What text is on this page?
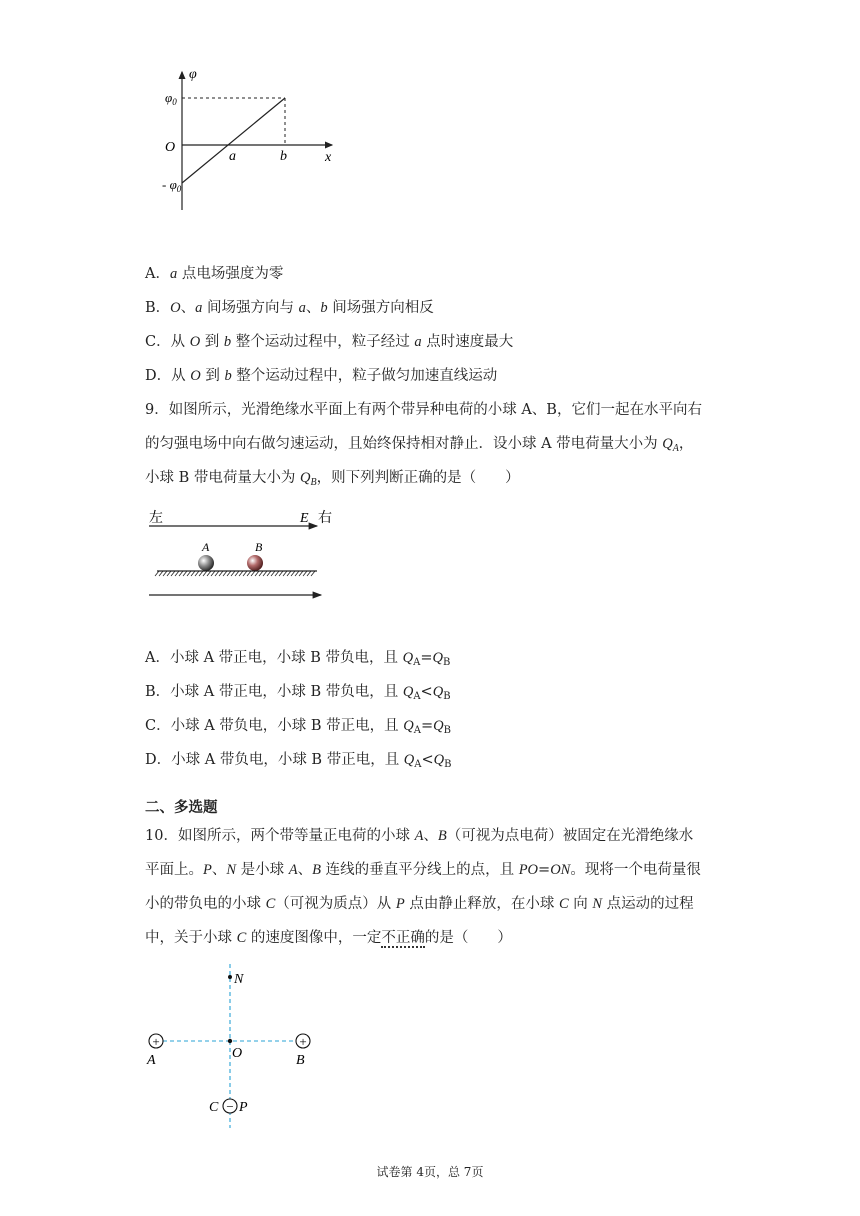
φ
x
$\varphi_0$
- $\varphi_0$
O
a	b
A．a 点电场强度为零
B．O、a 间场强方向与 a、b 间场强方向相反
C．从 O 到 b 整个运动过程中，粒子经过 a 点时速度最大
D．从 O 到 b 整个运动过程中，粒子做匀加速直线运动
9．如图所示，光滑绝缘水平面上有两个带异种电荷的小球 A、B，它们一起在水平向右
的匀强电场中向右做匀速运动，且始终保持相对静止．设小球 A 带电荷量大小为 $Q_A$，
小球 B 带电荷量大小为 $Q_B$，则下列判断正确的是（　　）
左	E 右
A	B
A．小球 A 带正电，小球 B 带负电，且 $Q_A=Q_B$
B．小球 A 带正电，小球 B 带负电，且 $Q_A<Q_B$
C．小球 A 带负电，小球 B 带正电，且 $Q_A=Q_B$
D．小球 A 带负电，小球 B 带正电，且 $Q_A<Q_B$
二、多选题
10．如图所示，两个带等量正电荷的小球 A、B（可视为点电荷）被固定在光滑绝缘水
平面上。P、N 是小球 A、B 连线的垂直平分线上的点，且 PO=ON。现将一个电荷量很
小的带负电的小球 C（可视为质点）从 P 点由静止释放，在小球 C 向 N 点运动的过程
中，关于小球 C 的速度图像中，一定不正确的是（　　）
N
O
+
A
+
B
−
C P
试卷第 4页，总 7页
